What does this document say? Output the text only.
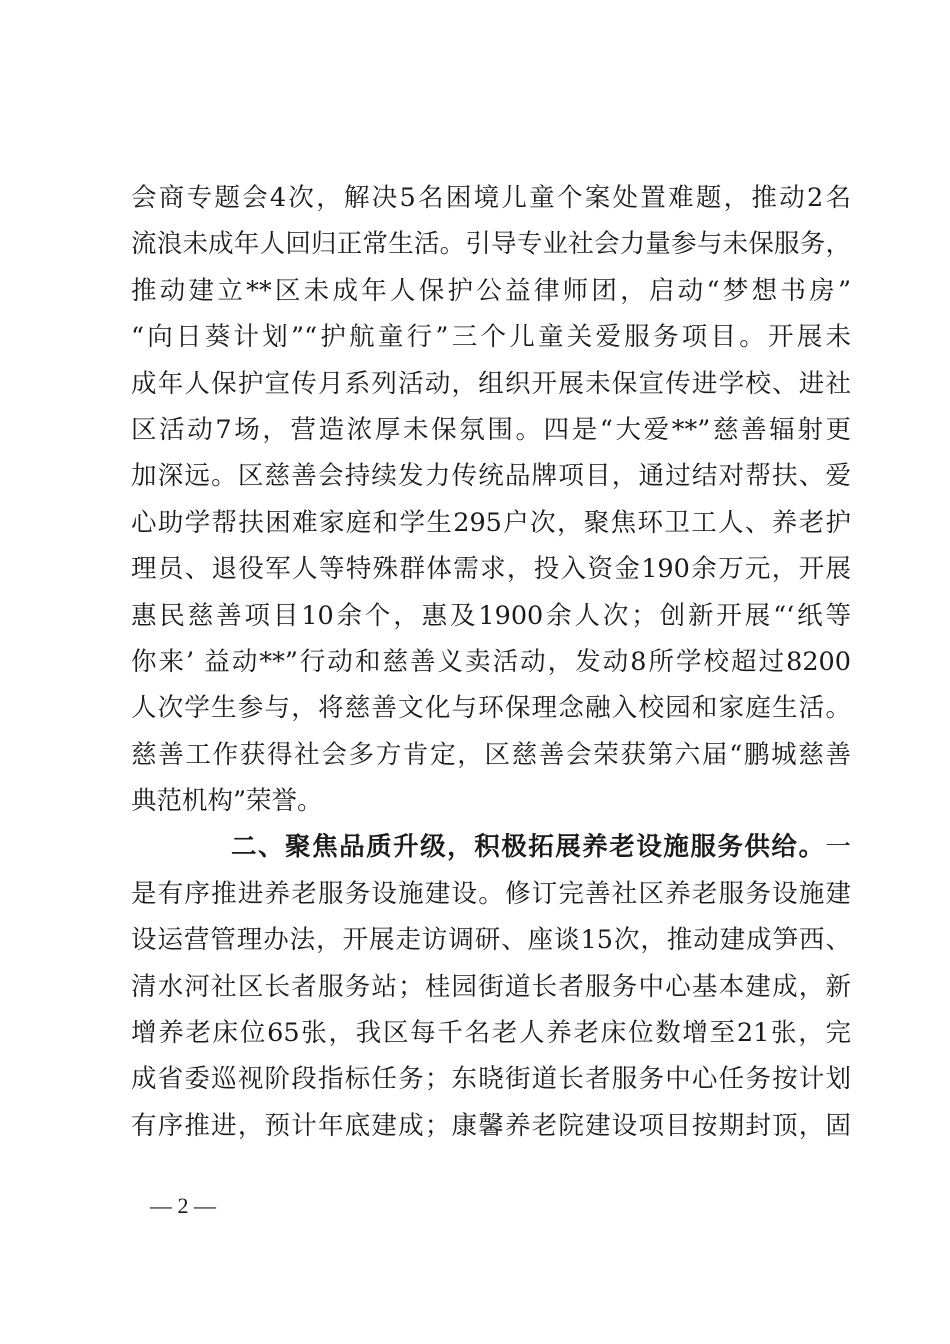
会商专题会4次，解决5名困境儿童个案处置难题，推动2名
流浪未成年人回归正常生活。引导专业社会力量参与未保服务，
推动建立**区未成年人保护公益律师团，启动“梦想书房”
“向日葵计划”“护航童行”三个儿童关爱服务项目。开展未
成年人保护宣传月系列活动，组织开展未保宣传进学校、进社
区活动7场，营造浓厚未保氛围。四是“大爱**”慈善辐射更
加深远。区慈善会持续发力传统品牌项目，通过结对帮扶、爱
心助学帮扶困难家庭和学生295户次，聚焦环卫工人、养老护
理员、退役军人等特殊群体需求，投入资金190余万元，开展
惠民慈善项目10余个，惠及1900余人次；创新开展“‘纸等
你来’ 益动**”行动和慈善义卖活动，发动8所学校超过8200
人次学生参与，将慈善文化与环保理念融入校园和家庭生活。
慈善工作获得社会多方肯定，区慈善会荣获第六届“鹏城慈善
典范机构”荣誉。
二、聚焦品质升级，积极拓展养老设施服务供给。一
是有序推进养老服务设施建设。修订完善社区养老服务设施建
设运营管理办法，开展走访调研、座谈15次，推动建成笋西、
清水河社区长者服务站；桂园街道长者服务中心基本建成，新
增养老床位65张，我区每千名老人养老床位数增至21张，完
成省委巡视阶段指标任务；东晓街道长者服务中心任务按计划
有序推进，预计年底建成；康馨养老院建设项目按期封顶，固
— 2 —
